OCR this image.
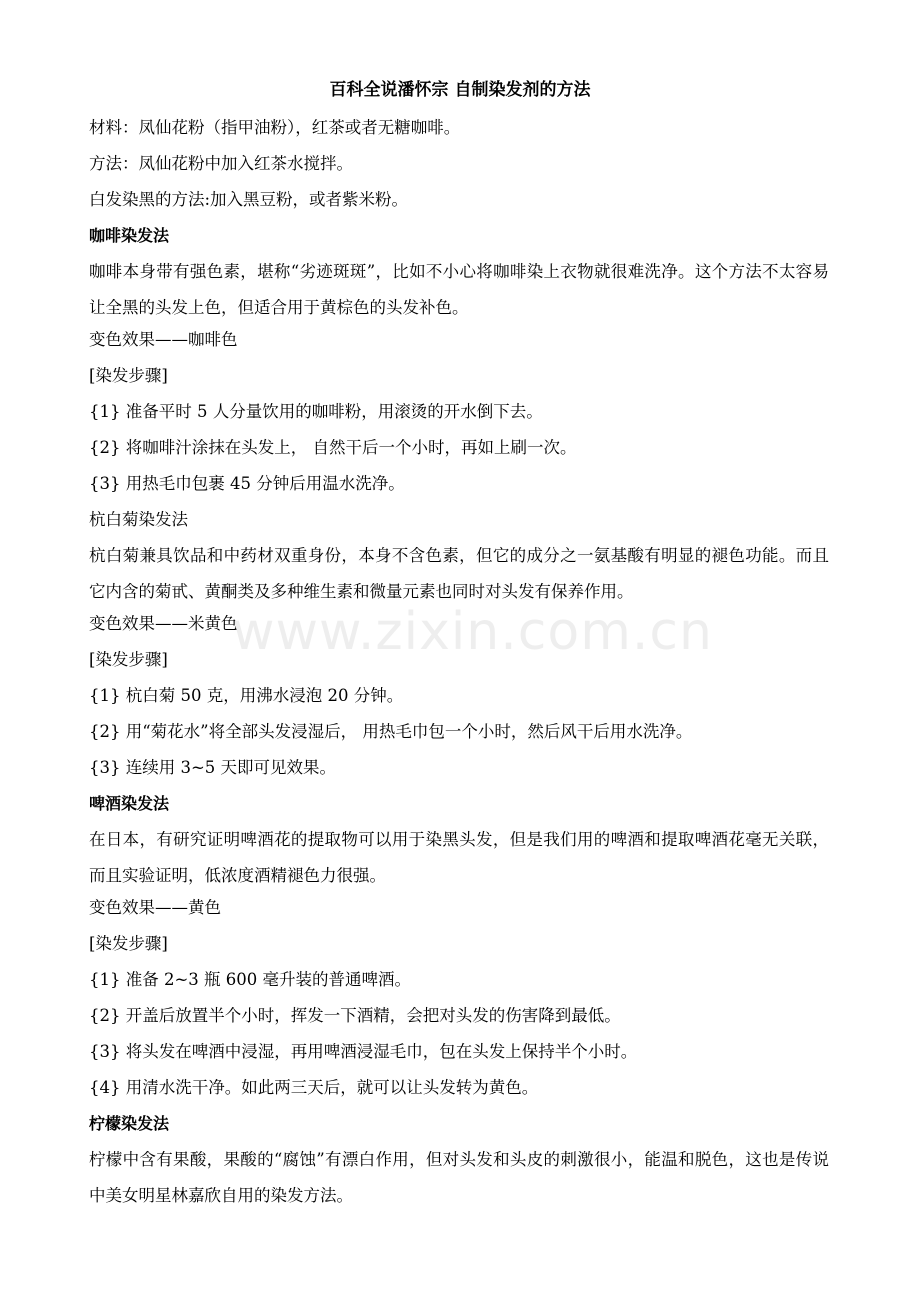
www.zixin.com.cn
百科全说潘怀宗 自制染发剂的方法
材料：凤仙花粉（指甲油粉），红茶或者无糖咖啡。
方法：凤仙花粉中加入红茶水搅拌。
白发染黑的方法:加入黑豆粉，或者紫米粉。
咖啡染发法
咖啡本身带有强色素，堪称“劣迹斑斑”，比如不小心将咖啡染上衣物就很难洗净。这个方法不太容易让全黑的头发上色，但适合用于黄棕色的头发补色。
变色效果——咖啡色
[染发步骤]
{1} 准备平时 5 人分量饮用的咖啡粉，用滚烫的开水倒下去。
{2} 将咖啡汁涂抹在头发上， 自然干后一个小时，再如上刷一次。
{3} 用热毛巾包裹 45 分钟后用温水洗净。
杭白菊染发法
杭白菊兼具饮品和中药材双重身份，本身不含色素，但它的成分之一氨基酸有明显的褪色功能。而且它内含的菊甙、黄酮类及多种维生素和微量元素也同时对头发有保养作用。
变色效果——米黄色
[染发步骤]
{1} 杭白菊 50 克，用沸水浸泡 20 分钟。
{2} 用“菊花水”将全部头发浸湿后， 用热毛巾包一个小时，然后风干后用水洗净。
{3} 连续用 3~5 天即可见效果。
啤酒染发法
在日本，有研究证明啤酒花的提取物可以用于染黑头发，但是我们用的啤酒和提取啤酒花毫无关联，而且实验证明，低浓度酒精褪色力很强。
变色效果——黄色
[染发步骤]
{1} 准备 2~3 瓶 600 毫升装的普通啤酒。
{2} 开盖后放置半个小时，挥发一下酒精，会把对头发的伤害降到最低。
{3} 将头发在啤酒中浸湿，再用啤酒浸湿毛巾，包在头发上保持半个小时。
{4} 用清水洗干净。如此两三天后，就可以让头发转为黄色。
柠檬染发法
柠檬中含有果酸，果酸的“腐蚀”有漂白作用，但对头发和头皮的刺激很小，能温和脱色，这也是传说中美女明星林嘉欣自用的染发方法。
